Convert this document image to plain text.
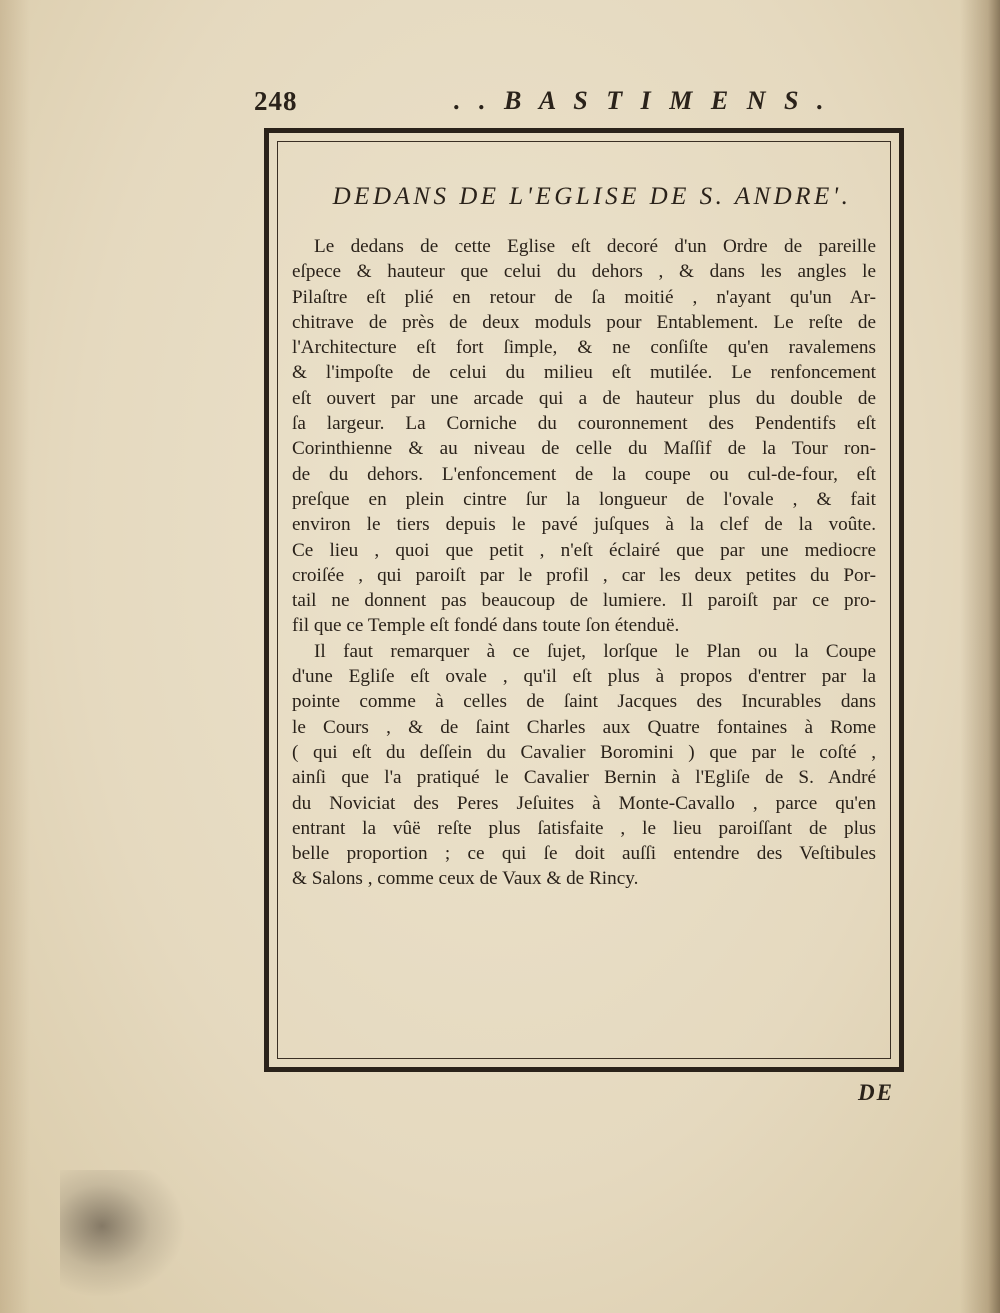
248	. . B A S T I M E N S .
DEDANS DE L'EGLISE DE S. ANDRE'.
Le dedans de cette Eglise eſt decoré d'un Ordre de pareille
eſpece & hauteur que celui du dehors , & dans les angles le
Pilaſtre eſt plié en retour de ſa moitié , n'ayant qu'un Ar-
chitrave de près de deux moduls pour Entablement. Le reſte de
l'Architecture eſt fort ſimple, & ne conſiſte qu'en ravalemens
& l'impoſte de celui du milieu eſt mutilée. Le renfoncement
eſt ouvert par une arcade qui a de hauteur plus du double de
ſa largeur. La Corniche du couronnement des Pendentifs eſt
Corinthienne & au niveau de celle du Maſſif de la Tour ron-
de du dehors. L'enfoncement de la coupe ou cul-de-four, eſt
preſque en plein cintre ſur la longueur de l'ovale , & fait
environ le tiers depuis le pavé juſques à la clef de la voûte.
Ce lieu , quoi que petit , n'eſt éclairé que par une mediocre
croiſée , qui paroiſt par le profil , car les deux petites du Por-
tail ne donnent pas beaucoup de lumiere. Il paroiſt par ce pro-
fil que ce Temple eſt fondé dans toute ſon étenduë.
Il faut remarquer à ce ſujet, lorſque le Plan ou la Coupe
d'une Egliſe eſt ovale , qu'il eſt plus à propos d'entrer par la
pointe comme à celles de ſaint Jacques des Incurables dans
le Cours , & de ſaint Charles aux Quatre fontaines à Rome
( qui eſt du deſſein du Cavalier Boromini ) que par le coſté ,
ainſi que l'a pratiqué le Cavalier Bernin à l'Egliſe de S. André
du Noviciat des Peres Jeſuites à Monte-Cavallo , parce qu'en
entrant la vûë reſte plus ſatisfaite , le lieu paroiſſant de plus
belle proportion ; ce qui ſe doit auſſi entendre des Veſtibules
& Salons , comme ceux de Vaux & de Rincy.
DE
